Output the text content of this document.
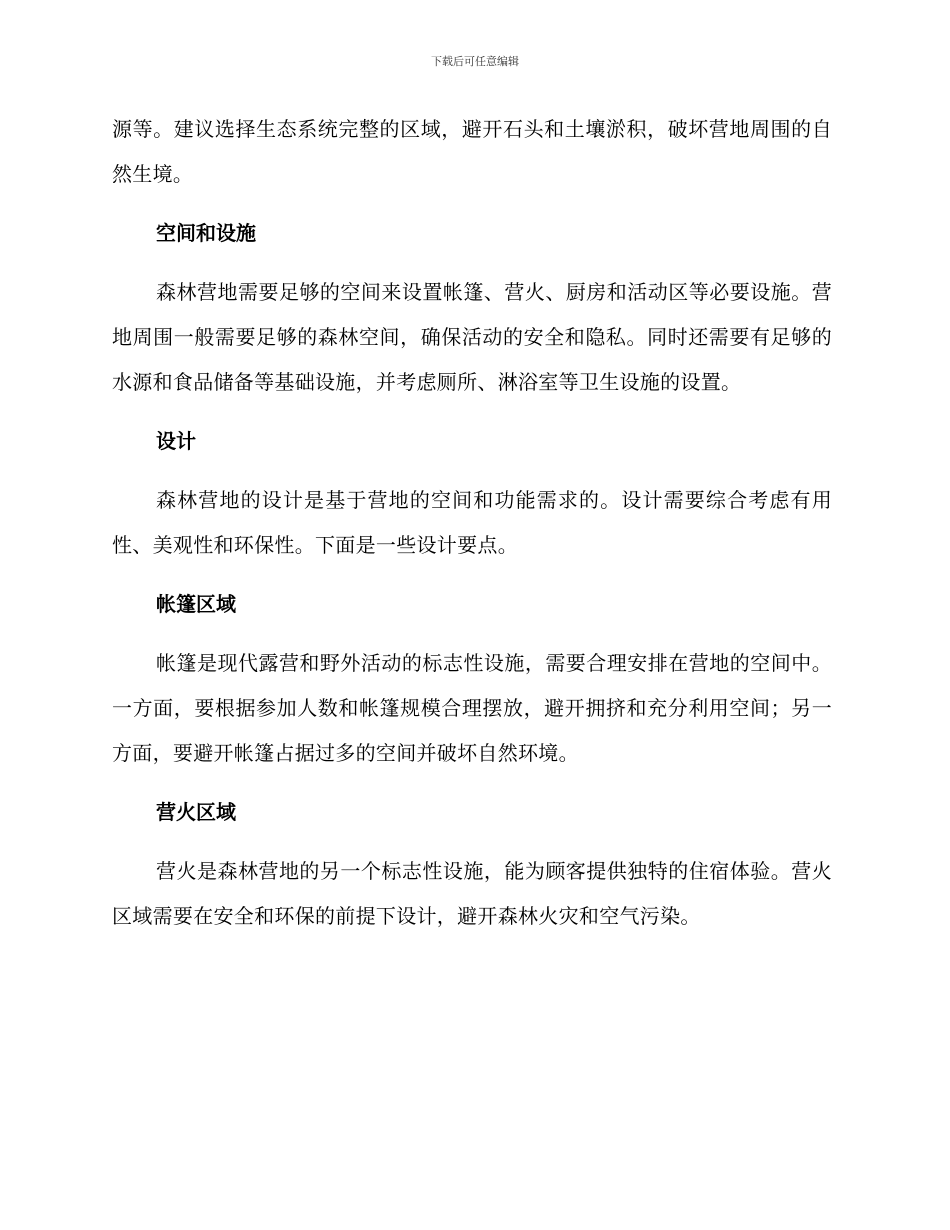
下载后可任意编辑

源等。建议选择生态系统完整的区域，避开石头和土壤淤积，破坏营地周围的自然生境。

空间和设施

森林营地需要足够的空间来设置帐篷、营火、厨房和活动区等必要设施。营地周围一般需要足够的森林空间，确保活动的安全和隐私。同时还需要有足够的水源和食品储备等基础设施，并考虑厕所、淋浴室等卫生设施的设置。

设计

森林营地的设计是基于营地的空间和功能需求的。设计需要综合考虑有用性、美观性和环保性。下面是一些设计要点。

帐篷区域

帐篷是现代露营和野外活动的标志性设施，需要合理安排在营地的空间中。一方面，要根据参加人数和帐篷规模合理摆放，避开拥挤和充分利用空间；另一方面，要避开帐篷占据过多的空间并破坏自然环境。

营火区域

营火是森林营地的另一个标志性设施，能为顾客提供独特的住宿体验。营火区域需要在安全和环保的前提下设计，避开森林火灾和空气污染。
